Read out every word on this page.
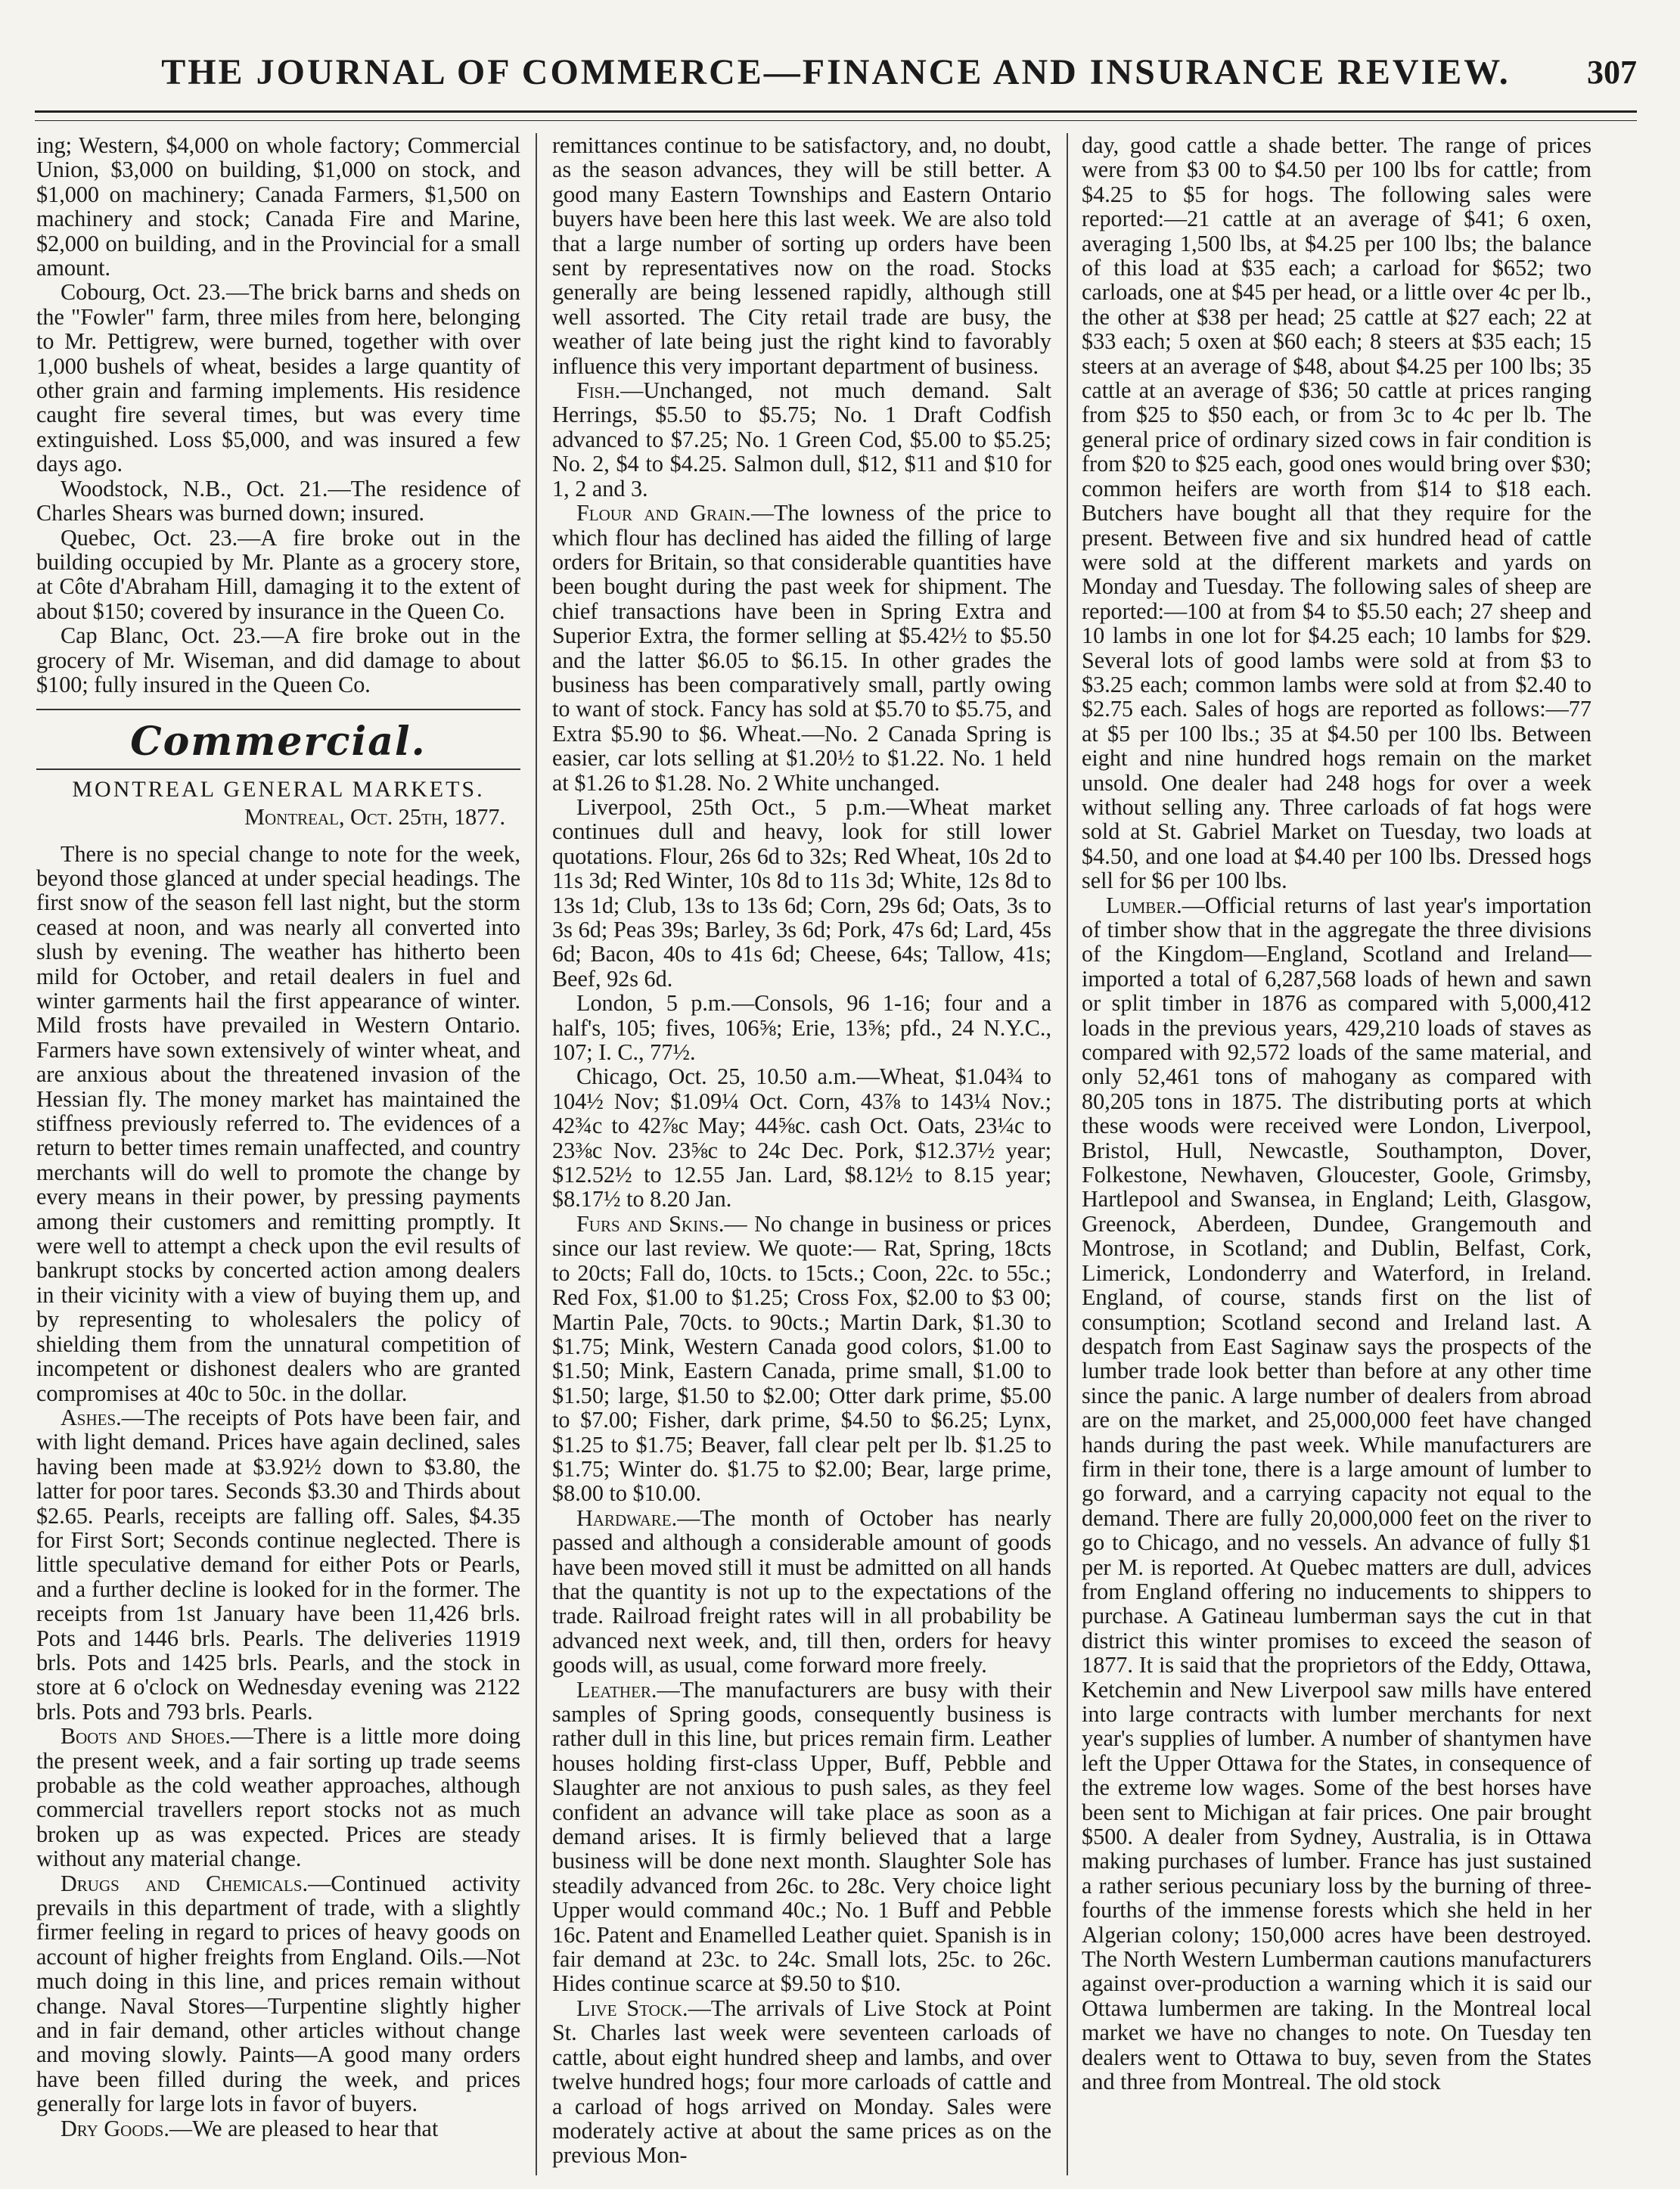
THE JOURNAL OF COMMERCE—FINANCE AND INSURANCE REVIEW.	307

ing; Western, $4,000 on whole factory; Commercial Union, $3,000 on building, $1,000 on stock, and $1,000 on machinery; Canada Farmers, $1,500 on machinery and stock; Canada Fire and Marine, $2,000 on building, and in the Provincial for a small amount.

Cobourg, Oct. 23.—The brick barns and sheds on the "Fowler" farm, three miles from here, belonging to Mr. Pettigrew, were burned, together with over 1,000 bushels of wheat, besides a large quantity of other grain and farming implements. His residence caught fire several times, but was every time extinguished. Loss $5,000, and was insured a few days ago.

Woodstock, N.B., Oct. 21.—The residence of Charles Shears was burned down; insured.

Quebec, Oct. 23.—A fire broke out in the building occupied by Mr. Plante as a grocery store, at Côte d'Abraham Hill, damaging it to the extent of about $150; covered by insurance in the Queen Co.

Cap Blanc, Oct. 23.—A fire broke out in the grocery of Mr. Wiseman, and did damage to about $100; fully insured in the Queen Co.

Commercial.

MONTREAL GENERAL MARKETS.

Montreal, Oct. 25th, 1877.

There is no special change to note for the week, beyond those glanced at under special headings. The first snow of the season fell last night, but the storm ceased at noon, and was nearly all converted into slush by evening. The weather has hitherto been mild for October, and retail dealers in fuel and winter garments hail the first appearance of winter. Mild frosts have prevailed in Western Ontario. Farmers have sown extensively of winter wheat, and are anxious about the threatened invasion of the Hessian fly. The money market has maintained the stiffness previously referred to. The evidences of a return to better times remain unaffected, and country merchants will do well to promote the change by every means in their power, by pressing payments among their customers and remitting promptly. It were well to attempt a check upon the evil results of bankrupt stocks by concerted action among dealers in their vicinity with a view of buying them up, and by representing to wholesalers the policy of shielding them from the unnatural competition of incompetent or dishonest dealers who are granted compromises at 40c to 50c. in the dollar.

Ashes.—The receipts of Pots have been fair, and with light demand. Prices have again declined, sales having been made at $3.92½ down to $3.80, the latter for poor tares. Seconds $3.30 and Thirds about $2.65. Pearls, receipts are falling off. Sales, $4.35 for First Sort; Seconds continue neglected. There is little speculative demand for either Pots or Pearls, and a further decline is looked for in the former. The receipts from 1st January have been 11,426 brls. Pots and 1446 brls. Pearls. The deliveries 11919 brls. Pots and 1425 brls. Pearls, and the stock in store at 6 o'clock on Wednesday evening was 2122 brls. Pots and 793 brls. Pearls.

Boots and Shoes.—There is a little more doing the present week, and a fair sorting up trade seems probable as the cold weather approaches, although commercial travellers report stocks not as much broken up as was expected. Prices are steady without any material change.

Drugs and Chemicals.—Continued activity prevails in this department of trade, with a slightly firmer feeling in regard to prices of heavy goods on account of higher freights from England. Oils.—Not much doing in this line, and prices remain without change. Naval Stores—Turpentine slightly higher and in fair demand, other articles without change and moving slowly. Paints—A good many orders have been filled during the week, and prices generally for large lots in favor of buyers.

Dry Goods.—We are pleased to hear that

remittances continue to be satisfactory, and, no doubt, as the season advances, they will be still better. A good many Eastern Townships and Eastern Ontario buyers have been here this last week. We are also told that a large number of sorting up orders have been sent by representatives now on the road. Stocks generally are being lessened rapidly, although still well assorted. The City retail trade are busy, the weather of late being just the right kind to favorably influence this very important department of business.

Fish.—Unchanged, not much demand. Salt Herrings, $5.50 to $5.75; No. 1 Draft Codfish advanced to $7.25; No. 1 Green Cod, $5.00 to $5.25; No. 2, $4 to $4.25. Salmon dull, $12, $11 and $10 for 1, 2 and 3.

Flour and Grain.—The lowness of the price to which flour has declined has aided the filling of large orders for Britain, so that considerable quantities have been bought during the past week for shipment. The chief transactions have been in Spring Extra and Superior Extra, the former selling at $5.42½ to $5.50 and the latter $6.05 to $6.15. In other grades the business has been comparatively small, partly owing to want of stock. Fancy has sold at $5.70 to $5.75, and Extra $5.90 to $6. Wheat.—No. 2 Canada Spring is easier, car lots selling at $1.20½ to $1.22. No. 1 held at $1.26 to $1.28. No. 2 White unchanged.

Liverpool, 25th Oct., 5 p.m.—Wheat market continues dull and heavy, look for still lower quotations. Flour, 26s 6d to 32s; Red Wheat, 10s 2d to 11s 3d; Red Winter, 10s 8d to 11s 3d; White, 12s 8d to 13s 1d; Club, 13s to 13s 6d; Corn, 29s 6d; Oats, 3s to 3s 6d; Peas 39s; Barley, 3s 6d; Pork, 47s 6d; Lard, 45s 6d; Bacon, 40s to 41s 6d; Cheese, 64s; Tallow, 41s; Beef, 92s 6d.

London, 5 p.m.—Consols, 96 1-16; four and a half's, 105; fives, 106⅝; Erie, 13⅝; pfd., 24 N.Y.C., 107; I. C., 77½.

Chicago, Oct. 25, 10.50 a.m.—Wheat, $1.04¾ to 104½ Nov; $1.09¼ Oct. Corn, 43⅞ to 143¼ Nov.; 42¾c to 42⅞c May; 44⅝c. cash Oct. Oats, 23¼c to 23⅜c Nov. 23⅝c to 24c Dec. Pork, $12.37½ year; $12.52½ to 12.55 Jan. Lard, $8.12½ to 8.15 year; $8.17½ to 8.20 Jan.

Furs and Skins.— No change in business or prices since our last review. We quote:— Rat, Spring, 18cts to 20cts; Fall do, 10cts. to 15cts.; Coon, 22c. to 55c.; Red Fox, $1.00 to $1.25; Cross Fox, $2.00 to $3 00; Martin Pale, 70cts. to 90cts.; Martin Dark, $1.30 to $1.75; Mink, Western Canada good colors, $1.00 to $1.50; Mink, Eastern Canada, prime small, $1.00 to $1.50; large, $1.50 to $2.00; Otter dark prime, $5.00 to $7.00; Fisher, dark prime, $4.50 to $6.25; Lynx, $1.25 to $1.75; Beaver, fall clear pelt per lb. $1.25 to $1.75; Winter do. $1.75 to $2.00; Bear, large prime, $8.00 to $10.00.

Hardware.—The month of October has nearly passed and although a considerable amount of goods have been moved still it must be admitted on all hands that the quantity is not up to the expectations of the trade. Railroad freight rates will in all probability be advanced next week, and, till then, orders for heavy goods will, as usual, come forward more freely.

Leather.—The manufacturers are busy with their samples of Spring goods, consequently business is rather dull in this line, but prices remain firm. Leather houses holding first-class Upper, Buff, Pebble and Slaughter are not anxious to push sales, as they feel confident an advance will take place as soon as a demand arises. It is firmly believed that a large business will be done next month. Slaughter Sole has steadily advanced from 26c. to 28c. Very choice light Upper would command 40c.; No. 1 Buff and Pebble 16c. Patent and Enamelled Leather quiet. Spanish is in fair demand at 23c. to 24c. Small lots, 25c. to 26c. Hides continue scarce at $9.50 to $10.

Live Stock.—The arrivals of Live Stock at Point St. Charles last week were seventeen carloads of cattle, about eight hundred sheep and lambs, and over twelve hundred hogs; four more carloads of cattle and a carload of hogs arrived on Monday. Sales were moderately active at about the same prices as on the previous Mon-

day, good cattle a shade better. The range of prices were from $3 00 to $4.50 per 100 lbs for cattle; from $4.25 to $5 for hogs. The following sales were reported:—21 cattle at an average of $41; 6 oxen, averaging 1,500 lbs, at $4.25 per 100 lbs; the balance of this load at $35 each; a carload for $652; two carloads, one at $45 per head, or a little over 4c per lb., the other at $38 per head; 25 cattle at $27 each; 22 at $33 each; 5 oxen at $60 each; 8 steers at $35 each; 15 steers at an average of $48, about $4.25 per 100 lbs; 35 cattle at an average of $36; 50 cattle at prices ranging from $25 to $50 each, or from 3c to 4c per lb. The general price of ordinary sized cows in fair condition is from $20 to $25 each, good ones would bring over $30; common heifers are worth from $14 to $18 each. Butchers have bought all that they require for the present. Between five and six hundred head of cattle were sold at the different markets and yards on Monday and Tuesday. The following sales of sheep are reported:—100 at from $4 to $5.50 each; 27 sheep and 10 lambs in one lot for $4.25 each; 10 lambs for $29. Several lots of good lambs were sold at from $3 to $3.25 each; common lambs were sold at from $2.40 to $2.75 each. Sales of hogs are reported as follows:—77 at $5 per 100 lbs.; 35 at $4.50 per 100 lbs. Between eight and nine hundred hogs remain on the market unsold. One dealer had 248 hogs for over a week without selling any. Three carloads of fat hogs were sold at St. Gabriel Market on Tuesday, two loads at $4.50, and one load at $4.40 per 100 lbs. Dressed hogs sell for $6 per 100 lbs.

Lumber.—Official returns of last year's importation of timber show that in the aggregate the three divisions of the Kingdom—England, Scotland and Ireland—imported a total of 6,287,568 loads of hewn and sawn or split timber in 1876 as compared with 5,000,412 loads in the previous years, 429,210 loads of staves as compared with 92,572 loads of the same material, and only 52,461 tons of mahogany as compared with 80,205 tons in 1875. The distributing ports at which these woods were received were London, Liverpool, Bristol, Hull, Newcastle, Southampton, Dover, Folkestone, Newhaven, Gloucester, Goole, Grimsby, Hartlepool and Swansea, in England; Leith, Glasgow, Greenock, Aberdeen, Dundee, Grangemouth and Montrose, in Scotland; and Dublin, Belfast, Cork, Limerick, Londonderry and Waterford, in Ireland. England, of course, stands first on the list of consumption; Scotland second and Ireland last. A despatch from East Saginaw says the prospects of the lumber trade look better than before at any other time since the panic. A large number of dealers from abroad are on the market, and 25,000,000 feet have changed hands during the past week. While manufacturers are firm in their tone, there is a large amount of lumber to go forward, and a carrying capacity not equal to the demand. There are fully 20,000,000 feet on the river to go to Chicago, and no vessels. An advance of fully $1 per M. is reported. At Quebec matters are dull, advices from England offering no inducements to shippers to purchase. A Gatineau lumberman says the cut in that district this winter promises to exceed the season of 1877. It is said that the proprietors of the Eddy, Ottawa, Ketchemin and New Liverpool saw mills have entered into large contracts with lumber merchants for next year's supplies of lumber. A number of shantymen have left the Upper Ottawa for the States, in consequence of the extreme low wages. Some of the best horses have been sent to Michigan at fair prices. One pair brought $500. A dealer from Sydney, Australia, is in Ottawa making purchases of lumber. France has just sustained a rather serious pecuniary loss by the burning of three-fourths of the immense forests which she held in her Algerian colony; 150,000 acres have been destroyed. The North Western Lumberman cautions manufacturers against over-production a warning which it is said our Ottawa lumbermen are taking. In the Montreal local market we have no changes to note. On Tuesday ten dealers went to Ottawa to buy, seven from the States and three from Montreal. The old stock
